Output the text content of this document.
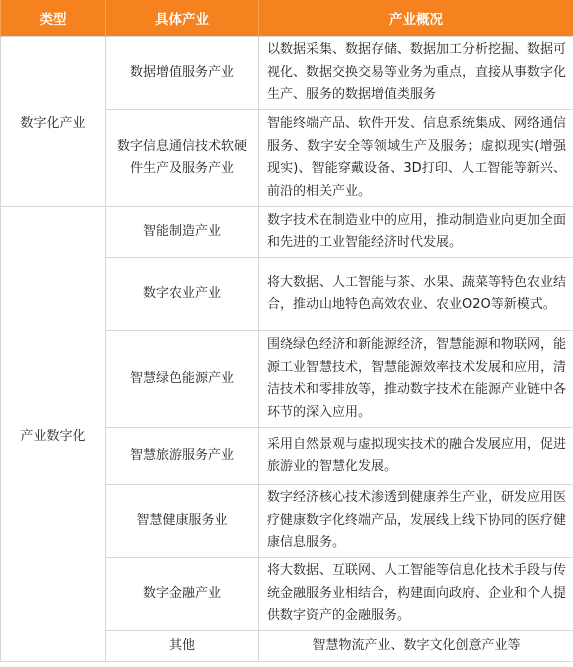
类型	具体产业	产业概况
数字化产业	数据增值服务产业	以数据采集、数据存储、数据加工分析挖掘、数据可视化、数据交换交易等业务为重点，直接从事数字化生产、服务的数据增值类服务
	数字信息通信技术软硬件生产及服务产业	智能终端产品、软件开发、信息系统集成、网络通信服务、数字安全等领域生产及服务；虚拟现实(增强现实)、智能穿戴设备、3D打印、人工智能等新兴、前沿的相关产业。
产业数字化	智能制造产业	数字技术在制造业中的应用，推动制造业向更加全面和先进的工业智能经济时代发展。
	数字农业产业	将大数据、人工智能与茶、水果、蔬菜等特色农业结合，推动山地特色高效农业、农业O2O等新模式。
	智慧绿色能源产业	围绕绿色经济和新能源经济，智慧能源和物联网，能源工业智慧技术，智慧能源效率技术发展和应用，清洁技术和零排放等，推动数字技术在能源产业链中各环节的深入应用。
	智慧旅游服务产业	采用自然景观与虚拟现实技术的融合发展应用，促进旅游业的智慧化发展。
	智慧健康服务业	数字经济核心技术渗透到健康养生产业，研发应用医疗健康数字化终端产品，发展线上线下协同的医疗健康信息服务。
	数字金融产业	将大数据、互联网、人工智能等信息化技术手段与传统金融服务业相结合，构建面向政府、企业和个人提供数字资产的金融服务。
	其他	智慧物流产业、数字文化创意产业等
